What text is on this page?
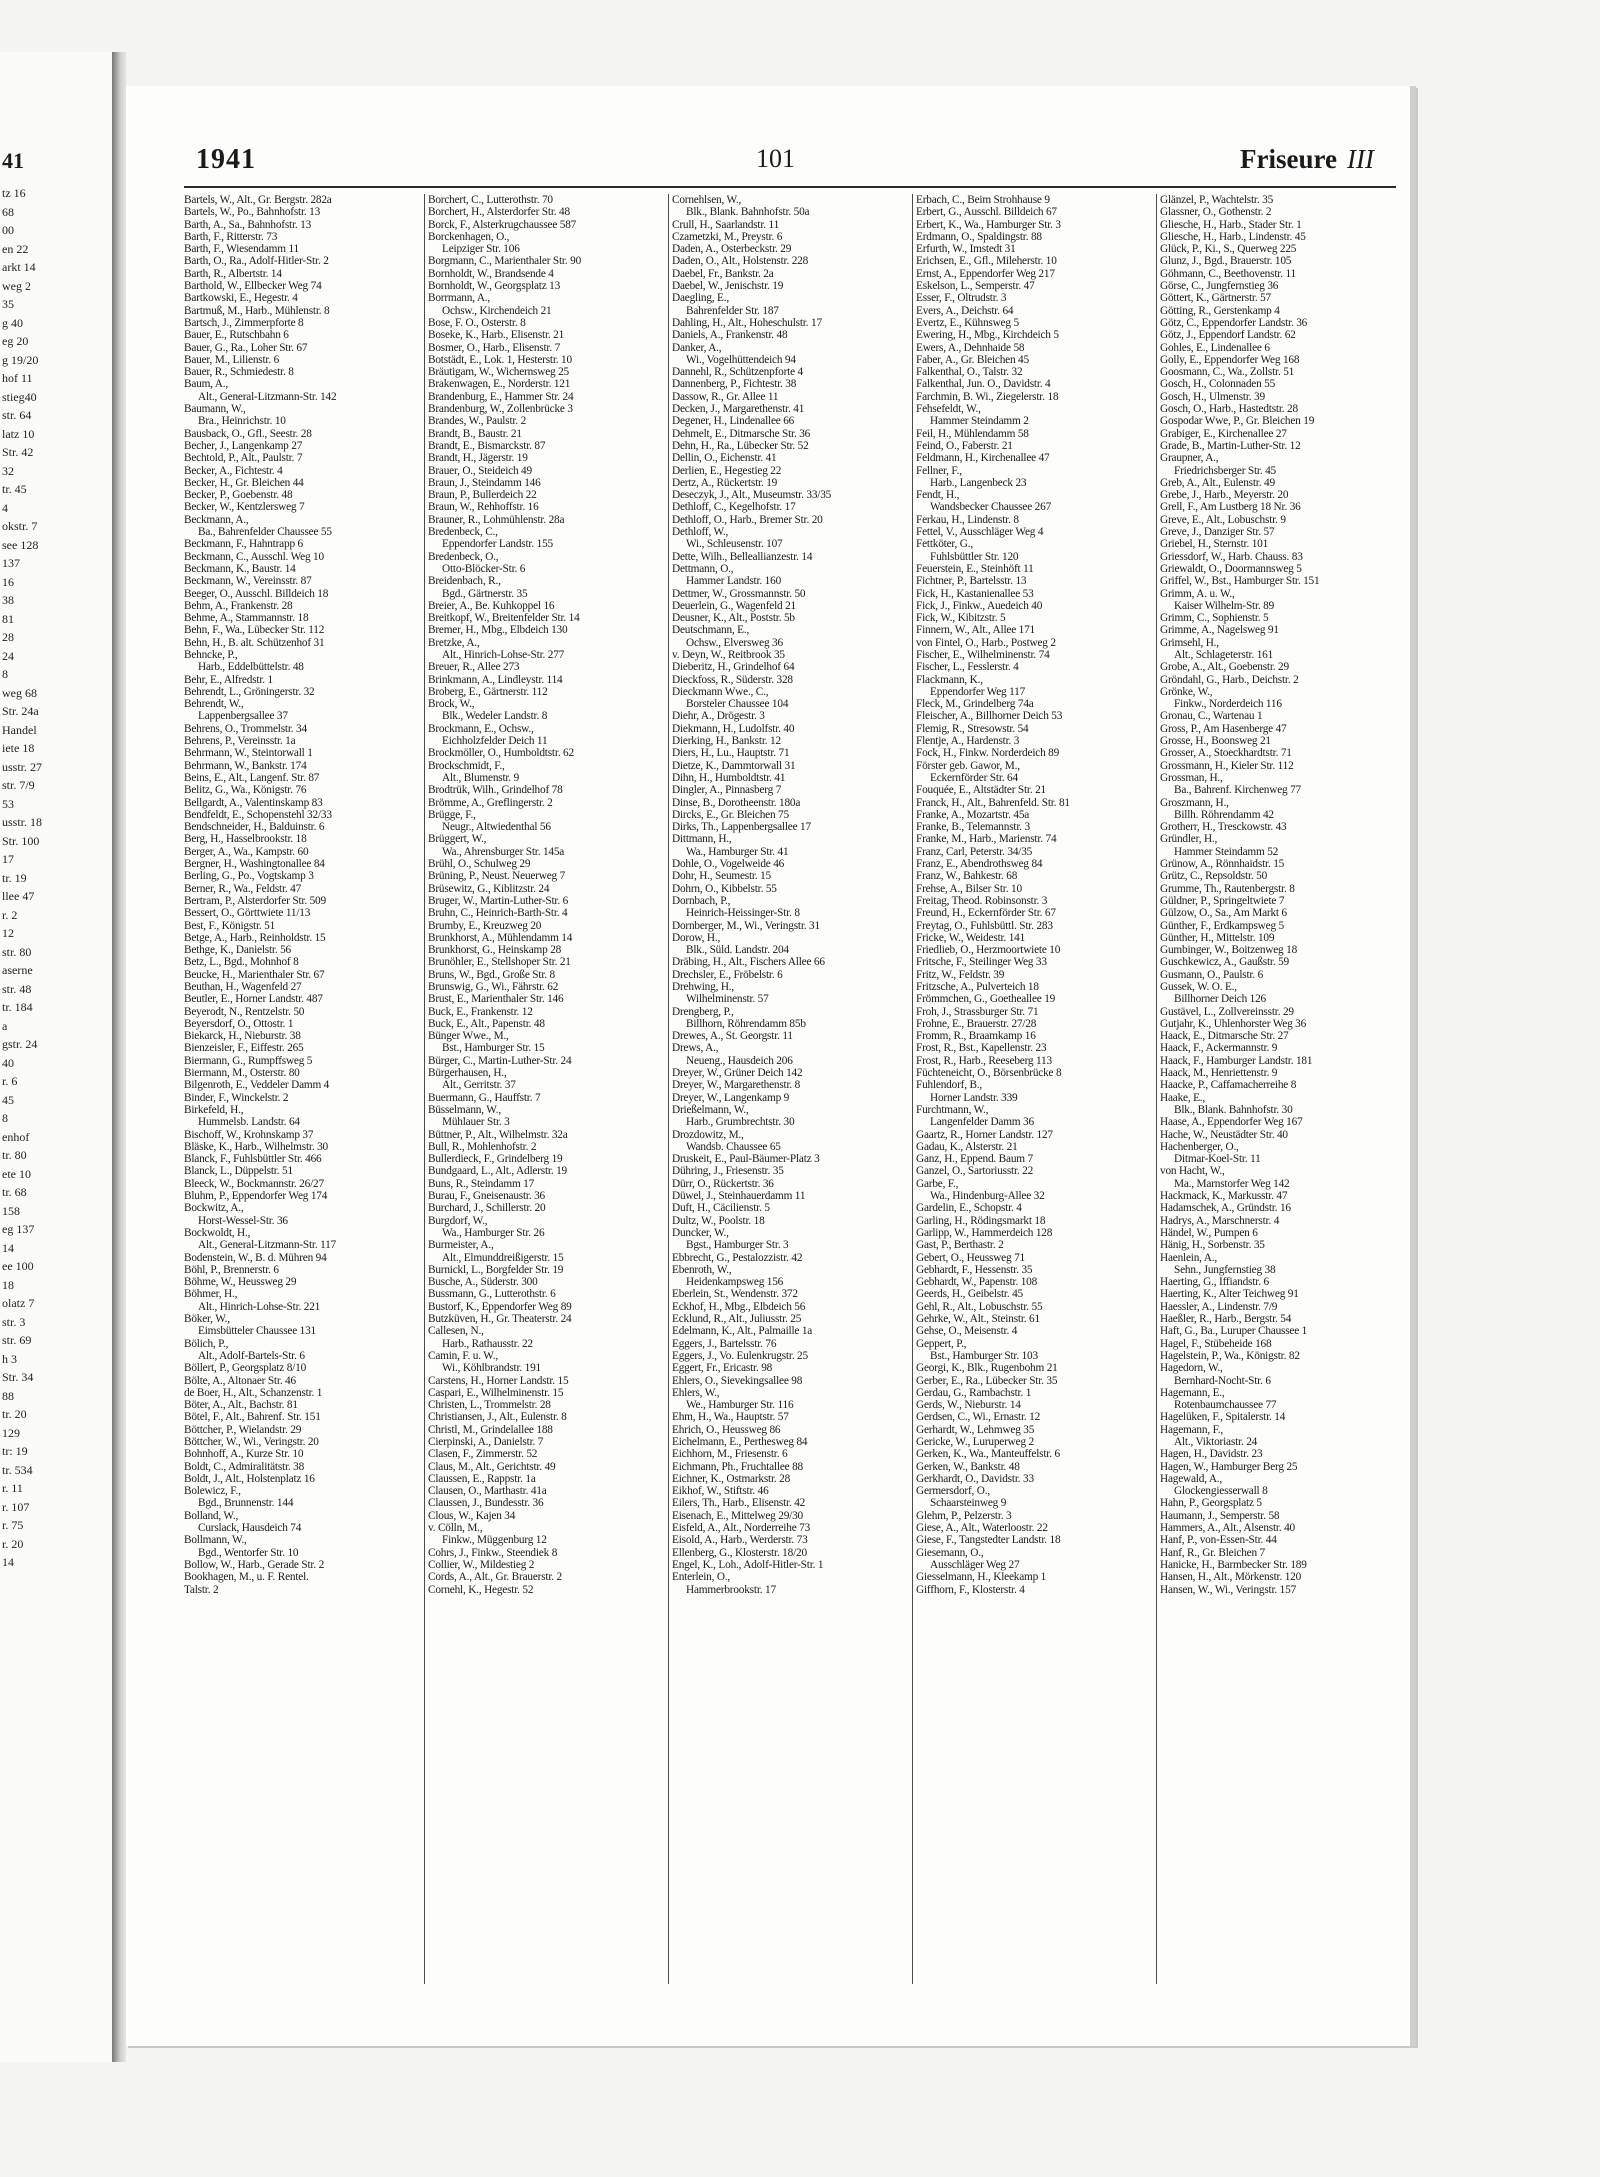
41
tz 16
68
00
en 22
arkt 14
weg 2
35
g 40
eg 20
g 19/20
hof 11
stieg40
str. 64
latz 10
Str. 42
32
tr. 45
4
okstr. 7
see 128
137
16
38
81
28
24
8
weg 68
Str. 24a
Handel
iete 18
usstr. 27
str. 7/9
53
usstr. 18
Str. 100
17
tr. 19
llee 47
r. 2
12
str. 80
aserne
str. 48
tr. 184
a
gstr. 24
40
r. 6
45
8
enhof
tr. 80
ete 10
tr. 68
158
eg 137
14
ee 100
18
olatz 7
str. 3
str. 69
h 3
Str. 34
88
tr. 20
129
tr: 19
tr. 534
r. 11
r. 107
r. 75
r. 20
14
1941	101	Friseure III
Bartels, W., Alt., Gr. Bergstr. 282a
Bartels, W., Po., Bahnhofstr. 13
Barth, A., Sa., Bahnhofstr. 13
Barth, F., Ritterstr. 73
Barth, F., Wiesendamm 11
Barth, O., Ra., Adolf-Hitler-Str. 2
Barth, R., Albertstr. 14
Barthold, W., Ellbecker Weg 74
Bartkowski, E., Hegestr. 4
Bartmuß, M., Harb., Mühlenstr. 8
Bartsch, J., Zimmerpforte 8
Bauer, E., Rutschbahn 6
Bauer, G., Ra., Loher Str. 67
Bauer, M., Lilienstr. 6
Bauer, R., Schmiedestr. 8
Baum, A.,
Alt., General-Litzmann-Str. 142
Baumann, W.,
Bra., Heinrichstr. 10
Bausback, O., Gfl., Seestr. 28
Becher, J., Langenkamp 27
Bechtold, P., Alt., Paulstr. 7
Becker, A., Fichtestr. 4
Becker, H., Gr. Bleichen 44
Becker, P., Goebenstr. 48
Becker, W., Kentzlersweg 7
Beckmann, A.,
Ba., Bahrenfelder Chaussee 55
Beckmann, F., Hahntrapp 6
Beckmann, C., Ausschl. Weg 10
Beckmann, K., Baustr. 14
Beckmann, W., Vereinsstr. 87
Beeger, O., Ausschl. Billdeich 18
Behm, A., Frankenstr. 28
Behme, A., Stammannstr. 18
Behn, F., Wa., Lübecker Str. 112
Behn, H., B. alt. Schützenhof 31
Behncke, P.,
Harb., Eddelbüttelstr. 48
Behr, E., Alfredstr. 1
Behrendt, L., Gröningerstr. 32
Behrendt, W.,
Lappenbergsallee 37
Behrens, O., Trommelstr. 34
Behrens, P., Vereinsstr. 1a
Behrmann, W., Steintorwall 1
Behrmann, W., Bankstr. 174
Beins, E., Alt., Langenf. Str. 87
Belitz, G., Wa., Königstr. 76
Bellgardt, A., Valentinskamp 83
Bendfeldt, E., Schopenstehl 32/33
Bendschneider, H., Balduinstr. 6
Berg, H., Hasselbrookstr. 18
Berger, A., Wa., Kampstr. 60
Bergner, H., Washingtonallee 84
Berling, G., Po., Vogtskamp 3
Berner, R., Wa., Feldstr. 47
Bertram, P., Alsterdorfer Str. 509
Bessert, O., Görttwiete 11/13
Best, F., Königstr. 51
Betge, A., Harb., Reinholdstr. 15
Bethge, K., Danielstr. 56
Betz, L., Bgd., Mohnhof 8
Beucke, H., Marienthaler Str. 67
Beuthan, H., Wagenfeld 27
Beutler, E., Horner Landstr. 487
Beyerodt, N., Rentzelstr. 50
Beyersdorf, O., Ottostr. 1
Biekarck, H., Nieburstr. 38
Bienzeisler, F., Eiffestr. 265
Biermann, G., Rumpffsweg 5
Biermann, M., Osterstr. 80
Bilgenroth, E., Veddeler Damm 4
Binder, F., Winckelstr. 2
Birkefeld, H.,
Hummelsb. Landstr. 64
Bischoff, W., Krohnskamp 37
Bläske, K., Harb., Wilhelmstr. 30
Blanck, F., Fuhlsbüttler Str. 466
Blanck, L., Düppelstr. 51
Bleeck, W., Bockmannstr. 26/27
Bluhm, P., Eppendorfer Weg 174
Bockwitz, A.,
Horst-Wessel-Str. 36
Bockwoldt, H.,
Alt., General-Litzmann-Str. 117
Bodenstein, W., B. d. Mühren 94
Böhl, P., Brennerstr. 6
Böhme, W., Heussweg 29
Böhmer, H.,
Alt., Hinrich-Lohse-Str. 221
Böker, W.,
Eimsbütteler Chaussee 131
Bölich, P.,
Alt., Adolf-Bartels-Str. 6
Böllert, P., Georgsplatz 8/10
Bölte, A., Altonaer Str. 46
de Boer, H., Alt., Schanzenstr. 1
Böter, A., Alt., Bachstr. 81
Bötel, F., Alt., Bahrenf. Str. 151
Böttcher, P., Wielandstr. 29
Böttcher, W., Wi., Veringstr. 20
Bohnhoff, A., Kurze Str. 10
Boldt, C., Admiralitätstr. 38
Boldt, J., Alt., Holstenplatz 16
Bolewicz, F.,
Bgd., Brunnenstr. 144
Bolland, W.,
Curslack, Hausdeich 74
Bollmann, W.,
Bgd., Wentorfer Str. 10
Bollow, W., Harb., Gerade Str. 2
Bookhagen, M., u. F. Rentel.
Talstr. 2
Borchert, C., Lutterothstr. 70
Borchert, H., Alsterdorfer Str. 48
Borck, F., Alsterkrugchaussee 587
Borckenhagen, O.,
Leipziger Str. 106
Borgmann, C., Marienthaler Str. 90
Bornholdt, W., Brandsende 4
Bornholdt, W., Georgsplatz 13
Borrmann, A.,
Ochsw., Kirchendeich 21
Bose, F. O., Osterstr. 8
Boseke, K., Harb., Elisenstr. 21
Bosmer, O., Harb., Elisenstr. 7
Botstädt, E., Lok. 1, Hesterstr. 10
Bräutigam, W., Wichernsweg 25
Brakenwagen, E., Norderstr. 121
Brandenburg, E., Hammer Str. 24
Brandenburg, W., Zollenbrücke 3
Brandes, W., Paulstr. 2
Brandt, B., Baustr. 21
Brandt, E., Bismarckstr. 87
Brandt, H., Jägerstr. 19
Brauer, O., Steideich 49
Braun, J., Steindamm 146
Braun, P., Bullerdeich 22
Braun, W., Rehhoffstr. 16
Brauner, R., Lohmühlenstr. 28a
Bredenbeck, C.,
Eppendorfer Landstr. 155
Bredenbeck, O.,
Otto-Blöcker-Str. 6
Breidenbach, R.,
Bgd., Gärtnerstr. 35
Breier, A., Be. Kuhkoppel 16
Breitkopf, W., Breitenfelder Str. 14
Bremer, H., Mbg., Elbdeich 130
Bretzke, A.,
Alt., Hinrich-Lohse-Str. 277
Breuer, R., Allee 273
Brinkmann, A., Lindleystr. 114
Broberg, E., Gärtnerstr. 112
Brock, W.,
Blk., Wedeler Landstr. 8
Brockmann, E., Ochsw.,
Eichholzfelder Deich 11
Brockmöller, O., Humboldtstr. 62
Brockschmidt, F.,
Alt., Blumenstr. 9
Brodtrük, Wilh., Grindelhof 78
Brömme, A., Greflingerstr. 2
Brügge, F.,
Neugr., Altwiedenthal 56
Brüggert, W.,
Wa., Ahrensburger Str. 145a
Brühl, O., Schulweg 29
Brüning, P., Neust. Neuerweg 7
Brüsewitz, G., Kiblitzstr. 24
Bruger, W., Martin-Luther-Str. 6
Bruhn, C., Heinrich-Barth-Str. 4
Brumby, E., Kreuzweg 20
Brunkhorst, A., Mühlendamm 14
Brunkhorst, G., Heinskamp 28
Brunöhler, E., Stellshoper Str. 21
Bruns, W., Bgd., Große Str. 8
Brunswig, G., Wi., Fährstr. 62
Brust, E., Marienthaler Str. 146
Buck, E., Frankenstr. 12
Buck, E., Alt., Papenstr. 48
Bünger Wwe., M.,
Bst., Hamburger Str. 15
Bürger, C., Martin-Luther-Str. 24
Bürgerhausen, H.,
Alt., Gerritstr. 37
Buermann, G., Hauffstr. 7
Büsselmann, W.,
Mühlauer Str. 3
Büttner, P., Alt., Wilhelmstr. 32a
Bull, R., Mohlenhofstr. 2
Bullerdieck, F., Grindelberg 19
Bundgaard, L., Alt., Adlerstr. 19
Buns, R., Steindamm 17
Burau, F., Gneisenaustr. 36
Burchard, J., Schillerstr. 20
Burgdorf, W.,
Wa., Hamburger Str. 26
Burmeister, A.,
Alt., Elmunddreißigerstr. 15
Burnickl, L., Borgfelder Str. 19
Busche, A., Süderstr. 300
Bussmann, G., Lutterothstr. 6
Bustorf, K., Eppendorfer Weg 89
Butzküven, H., Gr. Theaterstr. 24
Callesen, N.,
Harb., Rathausstr. 22
Camin, F. u. W.,
Wi., Köhlbrandstr. 191
Carstens, H., Horner Landstr. 15
Caspari, E., Wilhelminenstr. 15
Christen, L., Trommelstr. 28
Christiansen, J., Alt., Eulenstr. 8
Christl, M., Grindelallee 188
Cierpinski, A., Danielstr. 7
Clasen, F., Zimmerstr. 52
Claus, M., Alt., Gerichtstr. 49
Claussen, E., Rappstr. 1a
Clausen, O., Marthastr. 41a
Claussen, J., Bundesstr. 36
Clous, W., Kajen 34
v. Cölln, M.,
Finkw., Müggenburg 12
Cohrs, J., Finkw., Steendiek 8
Collier, W., Mildestieg 2
Cords, A., Alt., Gr. Brauerstr. 2
Cornehl, K., Hegestr. 52
Cornehlsen, W.,
Blk., Blank. Bahnhofstr. 50a
Crull, H., Saarlandstr. 11
Czametzki, M., Preystr. 6
Daden, A., Osterbeckstr. 29
Daden, O., Alt., Holstenstr. 228
Daebel, Fr., Bankstr. 2a
Daebel, W., Jenischstr. 19
Daegling, E.,
Bahrenfelder Str. 187
Dahling, H., Alt., Hoheschulstr. 17
Daniels, A., Frankenstr. 48
Danker, A.,
Wi., Vogelhüttendeich 94
Dannehl, R., Schützenpforte 4
Dannenberg, P., Fichtestr. 38
Dassow, R., Gr. Allee 11
Decken, J., Margarethenstr. 41
Degener, H., Lindenallee 66
Dehmelt, E., Ditmarsche Str. 36
Dehn, H., Ra., Lübecker Str. 52
Dellin, O., Eichenstr. 41
Derlien, E., Hegestieg 22
Dertz, A., Rückertstr. 19
Deseczyk, J., Alt., Museumstr. 33/35
Dethloff, C., Kegelhofstr. 17
Dethloff, O., Harb., Bremer Str. 20
Dethloff, W.,
Wi., Schleusenstr. 107
Dette, Wilh., Belleallianzestr. 14
Dettmann, O.,
Hammer Landstr. 160
Dettmer, W., Grossmannstr. 50
Deuerlein, G., Wagenfeld 21
Deusner, K., Alt., Poststr. 5b
Deutschmann, E.,
Ochsw., Elversweg 36
v. Deyn, W., Reitbrook 35
Dieberitz, H., Grindelhof 64
Dieckfoss, R., Süderstr. 328
Dieckmann Wwe., C.,
Borsteler Chaussee 104
Diehr, A., Drögestr. 3
Diekmann, H., Ludolfstr. 40
Dierking, H., Bankstr. 12
Diers, H., Lu., Hauptstr. 71
Dietze, K., Dammtorwall 31
Dihn, H., Humboldtstr. 41
Dingler, A., Pinnasberg 7
Dinse, B., Dorotheenstr. 180a
Dircks, E., Gr. Bleichen 75
Dirks, Th., Lappenbergsallee 17
Dittmann, H.,
Wa., Hamburger Str. 41
Dohle, O., Vogelweide 46
Dohr, H., Seumestr. 15
Dohrn, O., Kibbelstr. 55
Dornbach, P.,
Heinrich-Heissinger-Str. 8
Dornberger, M., Wi., Veringstr. 31
Dorow, H.,
Blk., Süld. Landstr. 204
Dräbing, H., Alt., Fischers Allee 66
Drechsler, E., Fröbelstr. 6
Drehwing, H.,
Wilhelminenstr. 57
Drengberg, P.,
Billhorn, Röhrendamm 85b
Drewes, A., St. Georgstr. 11
Drews, A.,
Neueng., Hausdeich 206
Dreyer, W., Grüner Deich 142
Dreyer, W., Margarethenstr. 8
Dreyer, W., Langenkamp 9
Drießelmann, W.,
Harb., Grumbrechtstr. 30
Drozdowitz, M.,
Wandsb. Chaussee 65
Druskeit, E., Paul-Bäumer-Platz 3
Dühring, J., Friesenstr. 35
Dürr, O., Rückertstr. 36
Düwel, J., Steinhauerdamm 11
Duft, H., Cäcilienstr. 5
Dultz, W., Poolstr. 18
Duncker, W.,
Bgst., Hamburger Str. 3
Ebbrecht, G., Pestalozzistr. 42
Ebenroth, W.,
Heidenkampsweg 156
Eberlein, St., Wendenstr. 372
Eckhof, H., Mbg., Elbdeich 56
Ecklund, R., Alt., Juliusstr. 25
Edelmann, K., Alt., Palmaille 1a
Eggers, J., Bartelsstr. 76
Eggers, J., Vo. Eulenkrugstr. 25
Eggert, Fr., Ericastr. 98
Ehlers, O., Sievekingsallee 98
Ehlers, W.,
We., Hamburger Str. 116
Ehm, H., Wa., Hauptstr. 57
Ehrich, O., Heussweg 86
Eichelmann, E., Perthesweg 84
Eichhorn, M., Friesenstr. 6
Eichmann, Ph., Fruchtallee 88
Eichner, K., Ostmarkstr. 28
Eikhof, W., Stiftstr. 46
Eilers, Th., Harb., Elisenstr. 42
Eisenach, E., Mittelweg 29/30
Eisfeld, A., Alt., Norderreihe 73
Eisold, A., Harb., Werderstr. 73
Ellenberg, G., Klosterstr. 18/20
Engel, K., Loh., Adolf-Hitler-Str. 1
Enterlein, O.,
Hammerbrookstr. 17
Erbach, C., Beim Strohhause 9
Erbert, G., Ausschl. Billdeich 67
Erbert, K., Wa., Hamburger Str. 3
Erdmann, O., Spaldingstr. 88
Erfurth, W., Imstedt 31
Erichsen, E., Gfl., Mileherstr. 10
Ernst, A., Eppendorfer Weg 217
Eskelson, L., Semperstr. 47
Esser, F., Oltrudstr. 3
Evers, A., Deichstr. 64
Evertz, E., Kühnsweg 5
Ewering, H., Mbg., Kirchdeich 5
Ewers, A., Dehnhaide 58
Faber, A., Gr. Bleichen 45
Falkenthal, O., Talstr. 32
Falkenthal, Jun. O., Davidstr. 4
Farchmin, B. Wi., Ziegelerstr. 18
Fehsefeldt, W.,
Hammer Steindamm 2
Feil, H., Mühlendamm 58
Feind, O., Faberstr. 21
Feldmann, H., Kirchenallee 47
Fellner, F.,
Harb., Langenbeck 23
Fendt, H.,
Wandsbecker Chaussee 267
Ferkau, H., Lindenstr. 8
Fettel, V., Ausschläger Weg 4
Fettköter, G.,
Fuhlsbüttler Str. 120
Feuerstein, E., Steinhöft 11
Fichtner, P., Bartelsstr. 13
Fick, H., Kastanienallee 53
Fick, J., Finkw., Auedeich 40
Fick, W., Kibitzstr. 5
Finnern, W., Alt., Allee 171
von Fintel, O., Harb., Postweg 2
Fischer, E., Wilhelminenstr. 74
Fischer, L., Fesslerstr. 4
Flackmann, K.,
Eppendorfer Weg 117
Fleck, M., Grindelberg 74a
Fleischer, A., Billhorner Deich 53
Flemig, R., Stresowstr. 54
Flentje, A., Hardenstr. 3
Fock, H., Finkw. Norderdeich 89
Förster geb. Gawor, M.,
Eckernförder Str. 64
Fouquée, E., Altstädter Str. 21
Franck, H., Alt., Bahrenfeld. Str. 81
Franke, A., Mozartstr. 45a
Franke, B., Telemannstr. 3
Franke, M., Harb., Marienstr. 74
Franz, Carl, Peterstr. 34/35
Franz, E., Abendrothsweg 84
Franz, W., Bahkestr. 68
Frehse, A., Bilser Str. 10
Freitag, Theod. Robinsonstr. 3
Freund, H., Eckernförder Str. 67
Freytag, O., Fuhlsbüttl. Str. 283
Fricke, W., Weidestr. 141
Friedlieb, O., Herzmoortwiete 10
Fritsche, F., Steilinger Weg 33
Fritz, W., Feldstr. 39
Fritzsche, A., Pulverteich 18
Frömmchen, G., Goetheallee 19
Froh, J., Strassburger Str. 71
Frohne, E., Brauerstr. 27/28
Fromm, R., Braamkamp 16
Frost, R., Bst., Kapellenstr. 23
Frost, R., Harb., Reeseberg 113
Füchteneicht, O., Börsenbrücke 8
Fuhlendorf, B.,
Horner Landstr. 339
Furchtmann, W.,
Langenfelder Damm 36
Gaartz, R., Horner Landstr. 127
Gadau, K., Alsterstr. 21
Ganz, H., Eppend. Baum 7
Ganzel, O., Sartoriusstr. 22
Garbe, F.,
Wa., Hindenburg-Allee 32
Gardelin, E., Schopstr. 4
Garling, H., Rödingsmarkt 18
Garlipp, W., Hammerdeich 128
Gast, P., Berthastr. 2
Gebert, O., Heussweg 71
Gebhardt, F., Hessenstr. 35
Gebhardt, W., Papenstr. 108
Geerds, H., Geibelstr. 45
Gehl, R., Alt., Lobuschstr. 55
Gehrke, W., Alt., Steinstr. 61
Gehse, O., Meisenstr. 4
Geppert, P.,
Bst., Hamburger Str. 103
Georgi, K., Blk., Rugenbohm 21
Gerber, E., Ra., Lübecker Str. 35
Gerdau, G., Rambachstr. 1
Gerds, W., Nieburstr. 14
Gerdsen, C., Wi., Ernastr. 12
Gerhardt, W., Lehmweg 35
Gericke, W., Luruperweg 2
Gerken, K., Wa., Manteuffelstr. 6
Gerken, W., Bankstr. 48
Gerkhardt, O., Davidstr. 33
Germersdorf, O.,
Schaarsteinweg 9
Glehm, P., Pelzerstr. 3
Giese, A., Alt., Waterloostr. 22
Giese, F., Tangstedter Landstr. 18
Giesemann, O.,
Ausschläger Weg 27
Giesselmann, H., Kleekamp 1
Giffhorn, F., Klosterstr. 4
Glänzel, P., Wachtelstr. 35
Glassner, O., Gothenstr. 2
Gliesche, H., Harb., Stader Str. 1
Gliesche, H., Harb., Lindenstr. 45
Glück, P., Ki., S., Querweg 225
Glunz, J., Bgd., Brauerstr. 105
Göhmann, C., Beethovenstr. 11
Görse, C., Jungfernstieg 36
Göttert, K., Gärtnerstr. 57
Götting, R., Gerstenkamp 4
Götz, C., Eppendorfer Landstr. 36
Götz, J., Eppendorf Landstr. 62
Gohles, E., Lindenallee 6
Golly, E., Eppendorfer Weg 168
Goosmann, C., Wa., Zollstr. 51
Gosch, H., Colonnaden 55
Gosch, H., Ulmenstr. 39
Gosch, O., Harb., Hastedtstr. 28
Gospodar Wwe, P., Gr. Bleichen 19
Grabiger, E., Kirchenallee 27
Grade, B., Martin-Luther-Str. 12
Graupner, A.,
Friedrichsberger Str. 45
Greb, A., Alt., Eulenstr. 49
Grebe, J., Harb., Meyerstr. 20
Grell, F., Am Lustberg 18 Nr. 36
Greve, E., Alt., Lobuschstr. 9
Greve, J., Danziger Str. 57
Griebel, H., Sternstr. 101
Griessdorf, W., Harb. Chauss. 83
Griewaldt, O., Doormannsweg 5
Griffel, W., Bst., Hamburger Str. 151
Grimm, A. u. W.,
Kaiser Wilhelm-Str. 89
Grimm, C., Sophienstr. 5
Grimme, A., Nagelsweg 91
Grimsehl, H.,
Alt., Schlageterstr. 161
Grobe, A., Alt., Goebenstr. 29
Gröndahl, G., Harb., Deichstr. 2
Grönke, W.,
Finkw., Norderdeich 116
Gronau, C., Wartenau 1
Gross, P., Am Hasenberge 47
Grosse, H., Boonsweg 21
Grosser, A., Stoeckhardtstr. 71
Grossmann, H., Kieler Str. 112
Grossman, H.,
Ba., Bahrenf. Kirchenweg 77
Groszmann, H.,
Billh. Röhrendamm 42
Grotherr, H., Tresckowstr. 43
Gründler, H.,
Hammer Steindamm 52
Grünow, A., Rönnhaidstr. 15
Grütz, C., Repsoldstr. 50
Grumme, Th., Rautenbergstr. 8
Güldner, P., Springeltwiete 7
Gülzow, O., Sa., Am Markt 6
Günther, F., Erdkampsweg 5
Günther, H., Mittelstr. 109
Gumbinger, W., Boitzenweg 18
Guschkewicz, A., Gaußstr. 59
Gusmann, O., Paulstr. 6
Gussek, W. O. E.,
Billhorner Deich 126
Gustävel, L., Zollvereinsstr. 29
Gutjahr, K., Uhlenhorster Weg 36
Haack, E., Ditmarsche Str. 27
Haack, F., Ackermannstr. 9
Haack, F., Hamburger Landstr. 181
Haack, M., Henriettenstr. 9
Haacke, P., Caffamacherreihe 8
Haake, E.,
Blk., Blank. Bahnhofstr. 30
Haase, A., Eppendorfer Weg 167
Hache, W., Neustädter Str. 40
Hachenberger, O.,
Ditmar-Koel-Str. 11
von Hacht, W.,
Ma., Marnstorfer Weg 142
Hackmack, K., Markusstr. 47
Hadamschek, A., Gründstr. 16
Hadrys, A., Marschnerstr. 4
Händel, W., Pumpen 6
Hänig, H., Sorbenstr. 35
Haenlein, A.,
Sehn., Jungfernstieg 38
Haerting, G., Iffiandstr. 6
Haerting, K., Alter Teichweg 91
Haessler, A., Lindenstr. 7/9
Haeßler, R., Harb., Bergstr. 54
Haft, G., Ba., Luruper Chaussee 1
Hagel, F., Stübeheide 168
Hagelstein, P., Wa., Königstr. 82
Hagedorn, W.,
Bernhard-Nocht-Str. 6
Hagemann, E.,
Rotenbaumchaussee 77
Hagelüken, F., Spitalerstr. 14
Hagemann, F.,
Alt., Viktoriastr. 24
Hagen, H., Davidstr. 23
Hagen, W., Hamburger Berg 25
Hagewald, A.,
Glockengiesserwall 8
Hahn, P., Georgsplatz 5
Haumann, J., Semperstr. 58
Hammers, A., Alt., Alsenstr. 40
Hanf, P., von-Essen-Str. 44
Hanf, R., Gr. Bleichen 7
Hanicke, H., Barmbecker Str. 189
Hansen, H., Alt., Mörkenstr. 120
Hansen, W., Wi., Veringstr. 157
